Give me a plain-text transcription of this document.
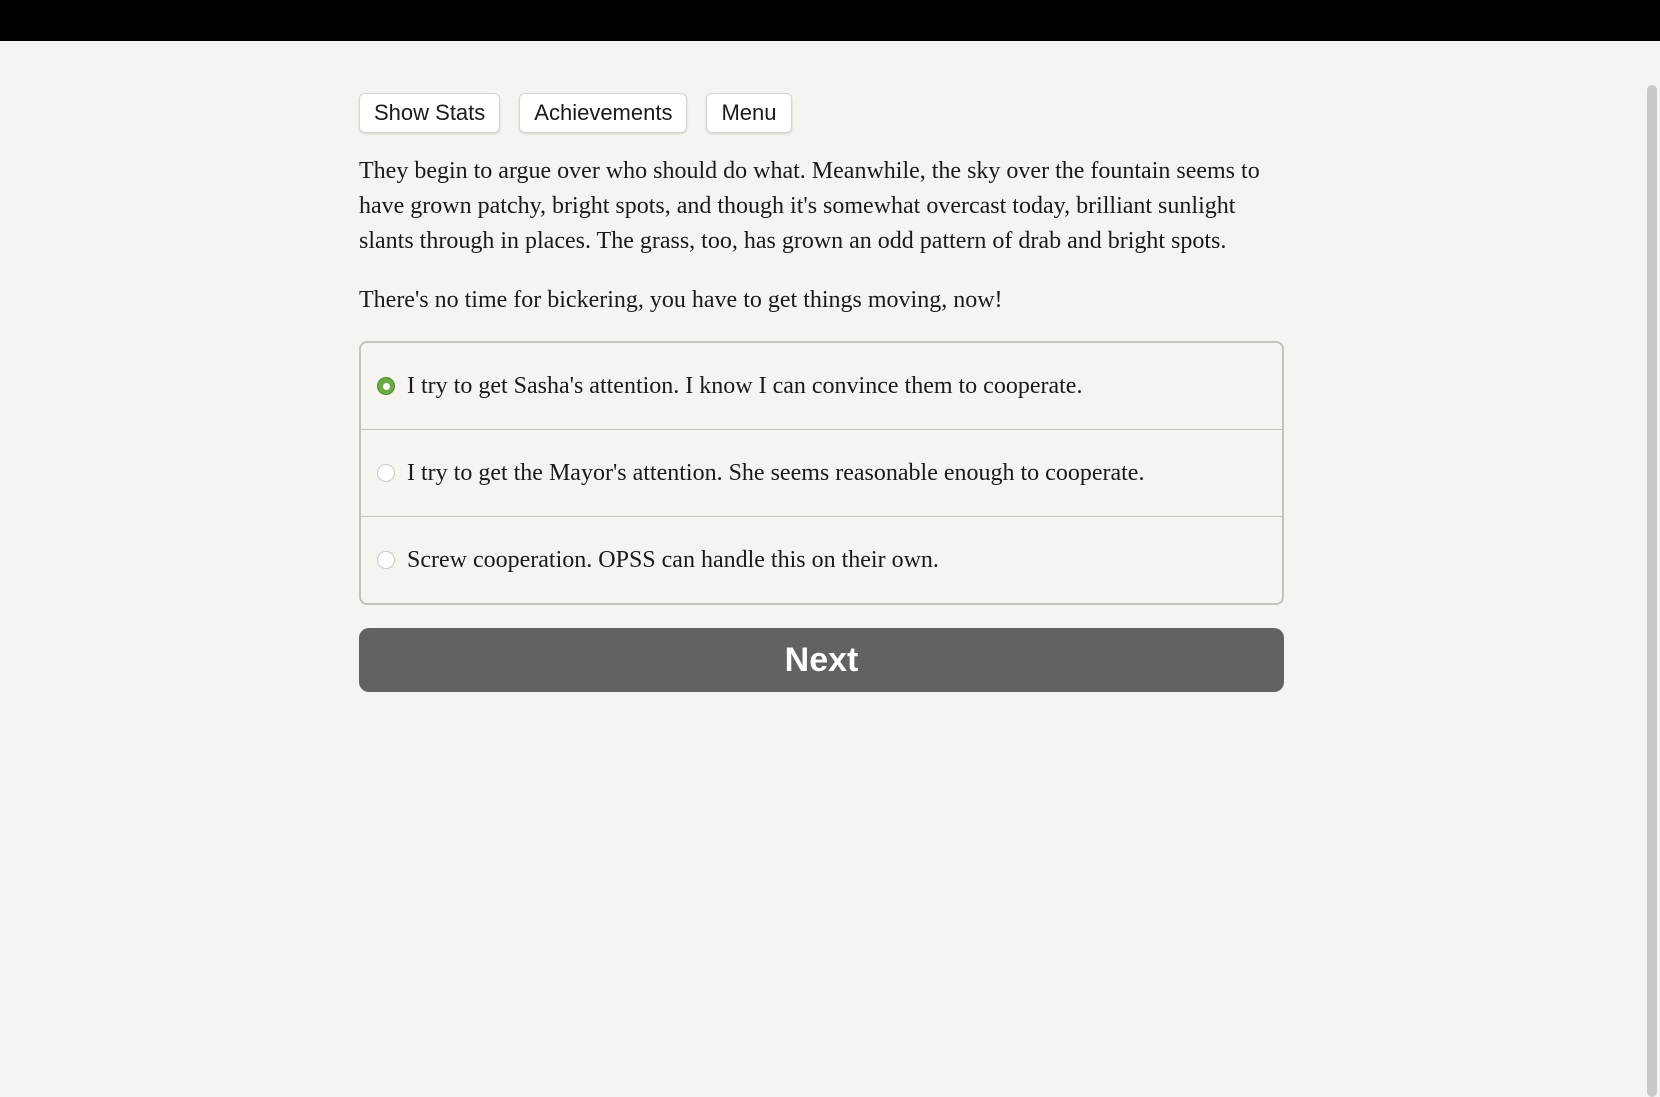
Show Stats	Achievements	Menu

They begin to argue over who should do what. Meanwhile, the sky over the fountain seems to have grown patchy, bright spots, and though it's somewhat overcast today, brilliant sunlight slants through in places. The grass, too, has grown an odd pattern of drab and bright spots.

There's no time for bickering, you have to get things moving, now!

I try to get Sasha's attention. I know I can convince them to cooperate.
I try to get the Mayor's attention. She seems reasonable enough to cooperate.
Screw cooperation. OPSS can handle this on their own.
Next
